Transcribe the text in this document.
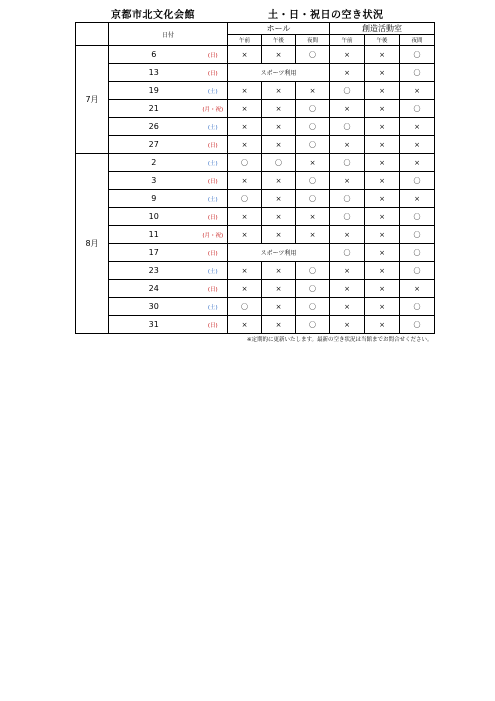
京都市北文化会館	土・日・祝日の空き状況
	日付		ホール			創造活動室		
			午前	午後	夜間	午前	午後	夜間
7月	6	(日)	×	×	〇	×	×	〇
	13	(日)	スポーツ利用			×	×	〇
	19	(土)	×	×	×	〇	×	×
	21	(月・祝)	×	×	〇	×	×	〇
	26	(土)	×	×	〇	〇	×	×
	27	(日)	×	×	〇	×	×	×
8月	2	(土)	〇	〇	×	〇	×	×
	3	(日)	×	×	〇	×	×	〇
	9	(土)	〇	×	〇	〇	×	×
	10	(日)	×	×	×	〇	×	〇
	11	(月・祝)	×	×	×	×	×	〇
	17	(日)	スポーツ利用			〇	×	〇
	23	(土)	×	×	〇	×	×	〇
	24	(日)	×	×	〇	×	×	×
	30	(土)	〇	×	〇	×	×	〇
	31	(日)	×	×	〇	×	×	〇
※定期的に更新いたします。最新の空き状況は当館までお問合せください。								
